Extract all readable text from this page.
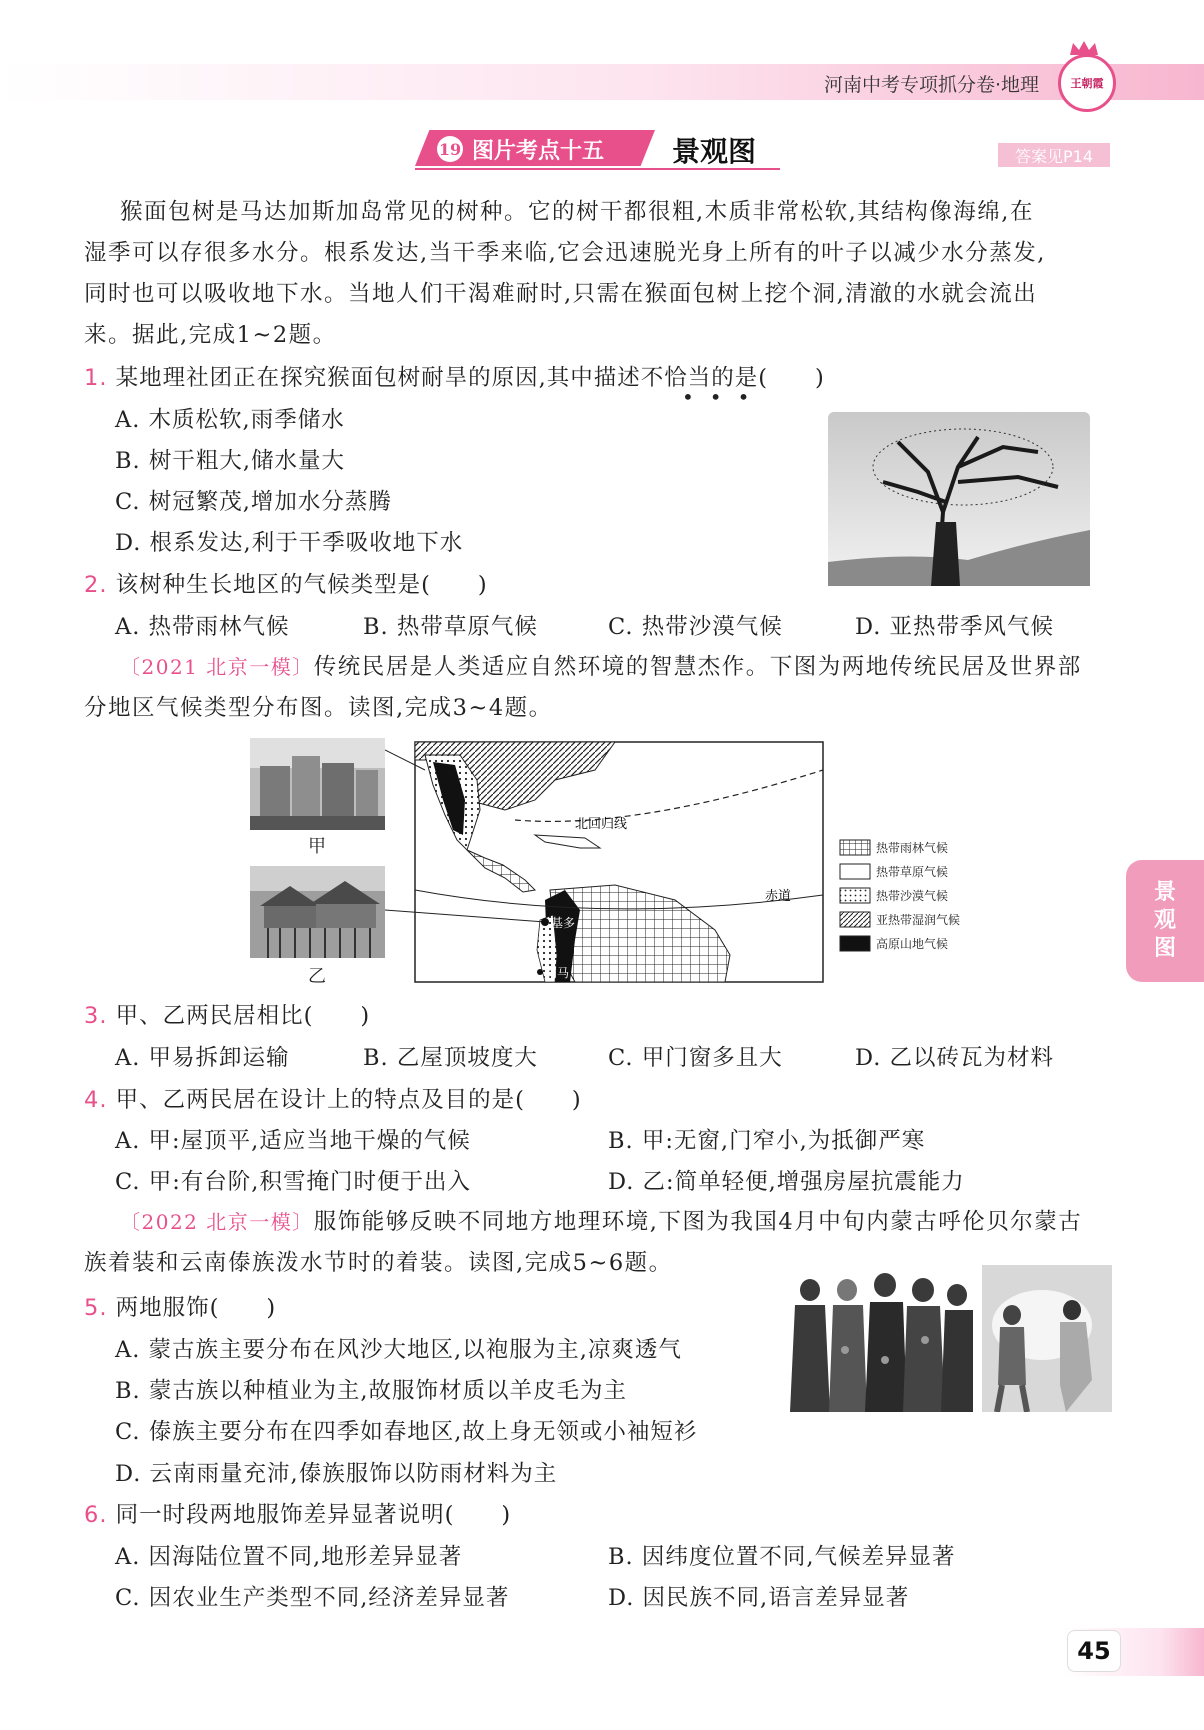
河南中考专项抓分卷·地理	王朝霞
19 图片考点十五 景观图	答案见P14
猴面包树是马达加斯加岛常见的树种。它的树干都很粗,木质非常松软,其结构像海绵,在
湿季可以存很多水分。根系发达,当干季来临,它会迅速脱光身上所有的叶子以减少水分蒸发,
同时也可以吸收地下水。当地人们干渴难耐时,只需在猴面包树上挖个洞,清澈的水就会流出
来。据此,完成1~2题。
1. 某地理社团正在探究猴面包树耐旱的原因,其中描述不恰当的是(　　)
•••
A. 木质松软,雨季储水
B. 树干粗大,储水量大
C. 树冠繁茂,增加水分蒸腾
D. 根系发达,利于干季吸收地下水
2. 该树种生长地区的气候类型是(　　)
A. 热带雨林气候	B. 热带草原气候	C. 热带沙漠气候	D. 亚热带季风气候
〔2021 北京一模〕传统民居是人类适应自然环境的智慧杰作。下图为两地传统民居及世界部
分地区气候类型分布图。读图,完成3~4题。
甲
乙
北回归线
赤道
基多
利马
热带雨林气候
热带草原气候
热带沙漠气候
亚热带湿润气候
高原山地气候
3. 甲、乙两民居相比(　　)
A. 甲易拆卸运输	B. 乙屋顶坡度大	C. 甲门窗多且大	D. 乙以砖瓦为材料
4. 甲、乙两民居在设计上的特点及目的是(　　)
A. 甲:屋顶平,适应当地干燥的气候	B. 甲:无窗,门窄小,为抵御严寒
C. 甲:有台阶,积雪掩门时便于出入	D. 乙:简单轻便,增强房屋抗震能力
〔2022 北京一模〕服饰能够反映不同地方地理环境,下图为我国4月中旬内蒙古呼伦贝尔蒙古
族着装和云南傣族泼水节时的着装。读图,完成5~6题。
5. 两地服饰(　　)
A. 蒙古族主要分布在风沙大地区,以袍服为主,凉爽透气
B. 蒙古族以种植业为主,故服饰材质以羊皮毛为主
C. 傣族主要分布在四季如春地区,故上身无领或小袖短衫
D. 云南雨量充沛,傣族服饰以防雨材料为主
6. 同一时段两地服饰差异显著说明(　　)
A. 因海陆位置不同,地形差异显著	B. 因纬度位置不同,气候差异显著
C. 因农业生产类型不同,经济差异显著	D. 因民族不同,语言差异显著
景
观
图
45
